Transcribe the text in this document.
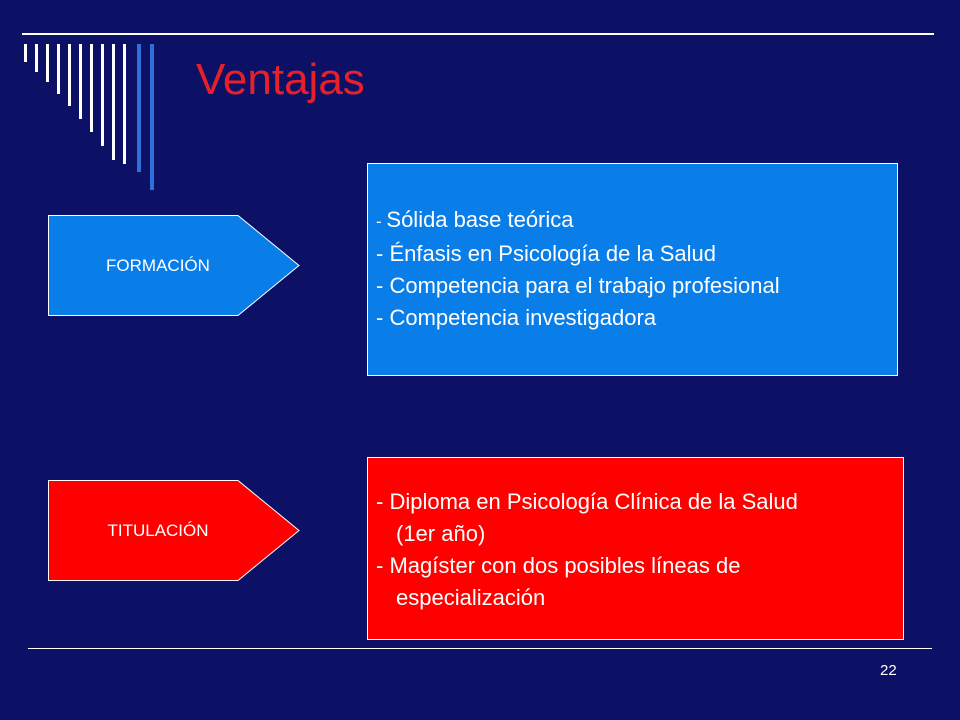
Ventajas
FORMACIÓN
TITULACIÓN
- Sólida base teórica
- Énfasis en Psicología de la Salud
- Competencia para el trabajo profesional
- Competencia investigadora
- Diploma en Psicología Clínica de la Salud
(1er año)
- Magíster con dos posibles líneas de
especialización
22
